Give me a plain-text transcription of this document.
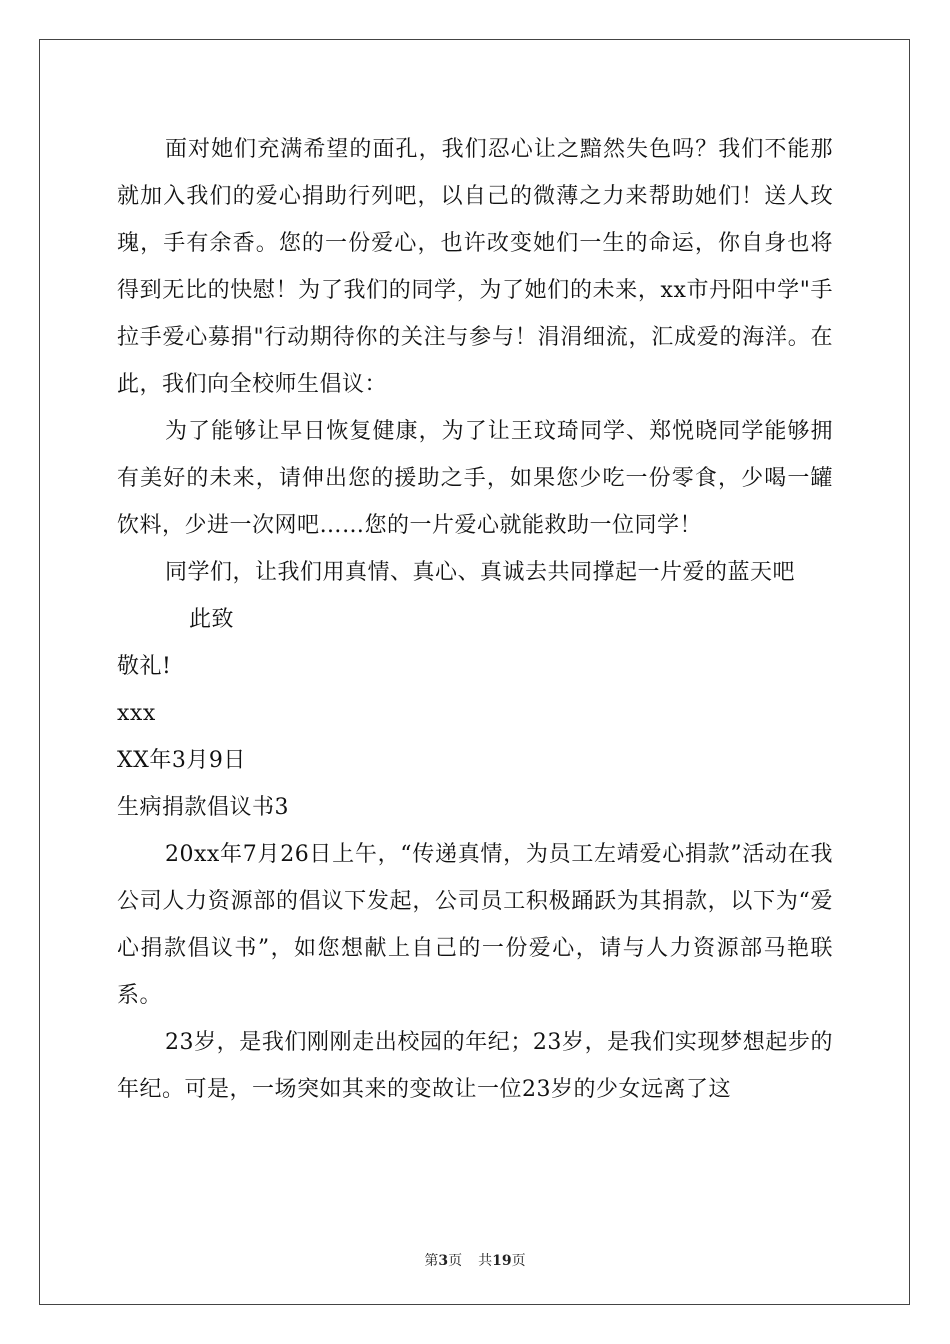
面对她们充满希望的面孔，我们忍心让之黯然失色吗？我们不能那就加入我们的爱心捐助行列吧，以自己的微薄之力来帮助她们！送人玫瑰，手有余香。您的一份爱心，也许改变她们一生的命运，你自身也将得到无比的快慰！为了我们的同学，为了她们的未来，xx市丹阳中学"手拉手爱心募捐"行动期待你的关注与参与！涓涓细流，汇成爱的海洋。在此，我们向全校师生倡议：

为了能够让早日恢复健康，为了让王玟琦同学、郑悦晓同学能够拥有美好的未来，请伸出您的援助之手，如果您少吃一份零食，少喝一罐饮料，少进一次网吧……您的一片爱心就能救助一位同学！

同学们，让我们用真情、真心、真诚去共同撑起一片爱的蓝天吧

此致

敬礼!

xxx

XX年3月9日

生病捐款倡议书3

20xx年7月26日上午，“传递真情，为员工左靖爱心捐款”活动在我公司人力资源部的倡议下发起，公司员工积极踊跃为其捐款，以下为“爱心捐款倡议书”，如您想献上自己的一份爱心，请与人力资源部马艳联系。

23岁，是我们刚刚走出校园的年纪；23岁，是我们实现梦想起步的年纪。可是，一场突如其来的变故让一位23岁的少女远离了这

第3页 共19页
